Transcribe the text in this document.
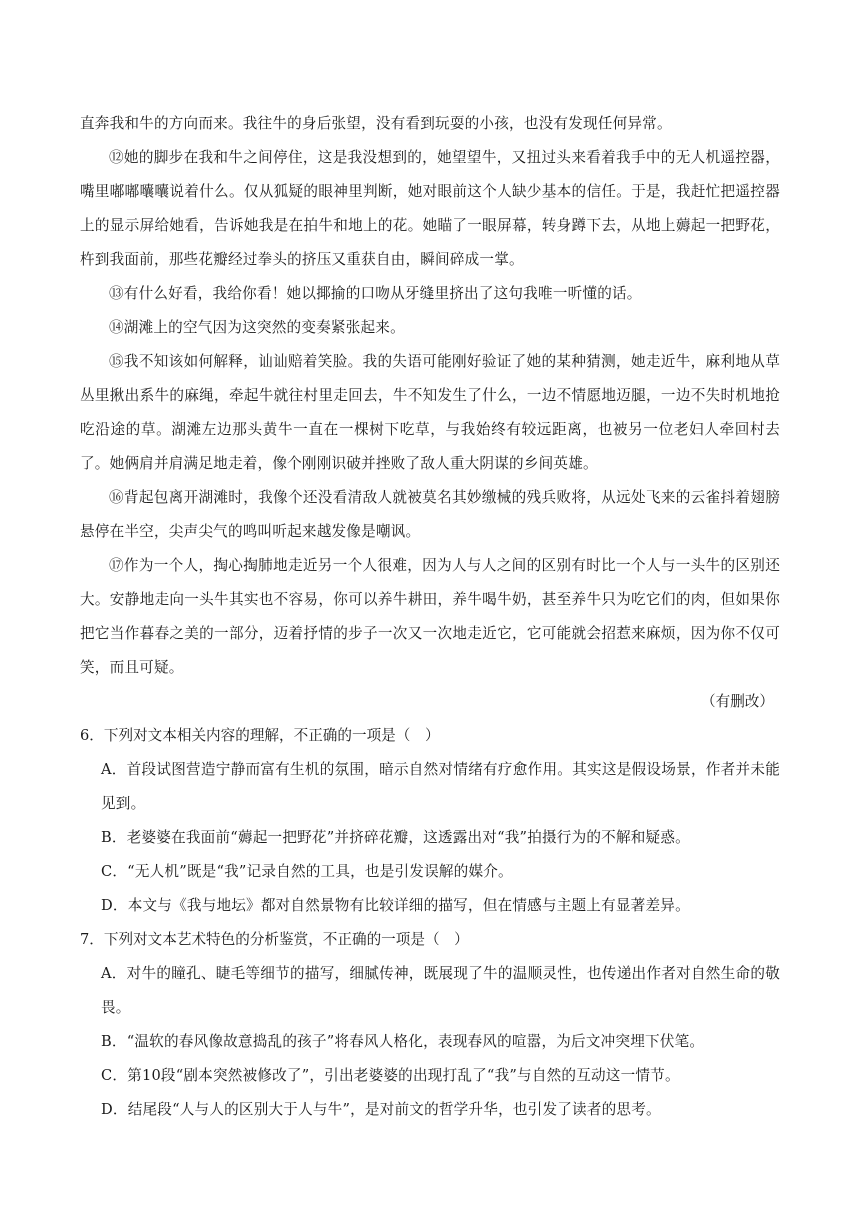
直奔我和牛的方向而来。我往牛的身后张望，没有看到玩耍的小孩，也没有发现任何异常。

⑫她的脚步在我和牛之间停住，这是我没想到的，她望望牛，又扭过头来看着我手中的无人机遥控器，嘴里嘟嘟囔囔说着什么。仅从狐疑的眼神里判断，她对眼前这个人缺少基本的信任。于是，我赶忙把遥控器上的显示屏给她看，告诉她我是在拍牛和地上的花。她瞄了一眼屏幕，转身蹲下去，从地上薅起一把野花，杵到我面前，那些花瓣经过拳头的挤压又重获自由，瞬间碎成一掌。

⑬有什么好看，我给你看！她以揶揄的口吻从牙缝里挤出了这句我唯一听懂的话。

⑭湖滩上的空气因为这突然的变奏紧张起来。

⑮我不知该如何解释，讪讪赔着笑脸。我的失语可能刚好验证了她的某种猜测，她走近牛，麻利地从草丛里揪出系牛的麻绳，牵起牛就往村里走回去，牛不知发生了什么，一边不情愿地迈腿，一边不失时机地抢吃沿途的草。湖滩左边那头黄牛一直在一棵树下吃草，与我始终有较远距离，也被另一位老妇人牵回村去了。她俩肩并肩满足地走着，像个刚刚识破并挫败了敌人重大阴谋的乡间英雄。

⑯背起包离开湖滩时，我像个还没看清敌人就被莫名其妙缴械的残兵败将，从远处飞来的云雀抖着翅膀悬停在半空，尖声尖气的鸣叫听起来越发像是嘲讽。

⑰作为一个人，掏心掏肺地走近另一个人很难，因为人与人之间的区别有时比一个人与一头牛的区别还大。安静地走向一头牛其实也不容易，你可以养牛耕田，养牛喝牛奶，甚至养牛只为吃它们的肉，但如果你把它当作暮春之美的一部分，迈着抒情的步子一次又一次地走近它，它可能就会招惹来麻烦，因为你不仅可笑，而且可疑。

（有删改）

6．下列对文本相关内容的理解，不正确的一项是（　）

A．首段试图营造宁静而富有生机的氛围，暗示自然对情绪有疗愈作用。其实这是假设场景，作者并未能见到。

B．老婆婆在我面前“薅起一把野花”并挤碎花瓣，这透露出对“我”拍摄行为的不解和疑惑。

C．“无人机”既是“我”记录自然的工具，也是引发误解的媒介。

D．本文与《我与地坛》都对自然景物有比较详细的描写，但在情感与主题上有显著差异。

7．下列对文本艺术特色的分析鉴赏，不正确的一项是（　）

A．对牛的瞳孔、睫毛等细节的描写，细腻传神，既展现了牛的温顺灵性，也传递出作者对自然生命的敬畏。

B．“温软的春风像故意捣乱的孩子”将春风人格化，表现春风的喧嚣，为后文冲突埋下伏笔。

C．第10段“剧本突然被修改了”，引出老婆婆的出现打乱了“我”与自然的互动这一情节。

D．结尾段“人与人的区别大于人与牛”，是对前文的哲学升华，也引发了读者的思考。
